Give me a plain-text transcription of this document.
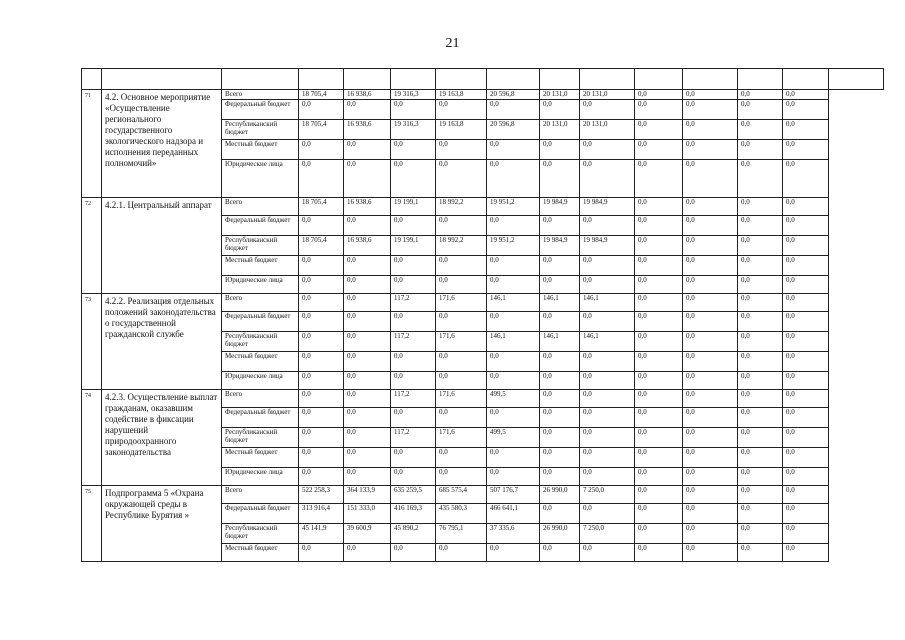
21

71	4.2. Основное мероприятие «Осуществление регионального государственного экологического надзора и исполнения переданных полномочий»	Всего	18 705,4	16 938,6	19 316,3	19 163,8	20 596,8	20 131,0	20 131,0	0,0	0,0	0,0	0,0	
		Федеральный бюджет	0,0	0,0	0,0	0,0	0,0	0,0	0,0	0,0	0,0	0,0	0,0	
		Республиканский бюджет	18 705,4	16 938,6	19 316,3	19 163,8	20 596,8	20 131,0	20 131,0	0,0	0,0	0,0	0,0	
		Местный бюджет	0,0	0,0	0,0	0,0	0,0	0,0	0,0	0,0	0,0	0,0	0,0	
		Юридические лица	0,0	0,0	0,0	0,0	0,0	0,0	0,0	0,0	0,0	0,0	0,0	
72	4.2.1. Центральный аппарат	Всего	18 705,4	16 938,6	19 199,1	18 992,2	19 951,2	19 984,9	19 984,9	0,0	0,0	0,0	0,0	
		Федеральный бюджет	0,0	0,0	0,0	0,0	0,0	0,0	0,0	0,0	0,0	0,0	0,0	
		Республиканский бюджет	18 705,4	16 938,6	19 199,1	18 992,2	19 951,2	19 984,9	19 984,9	0,0	0,0	0,0	0,0	
		Местный бюджет	0,0	0,0	0,0	0,0	0,0	0,0	0,0	0,0	0,0	0,0	0,0	
		Юридические лица	0,0	0,0	0,0	0,0	0,0	0,0	0,0	0,0	0,0	0,0	0,0	
73	4.2.2. Реализация отдельных положений законодательства о государственной гражданской службе	Всего	0,0	0,0	117,2	171,6	146,1	146,1	146,1	0,0	0,0	0,0	0,0	
		Федеральный бюджет	0,0	0,0	0,0	0,0	0,0	0,0	0,0	0,0	0,0	0,0	0,0	
		Республиканский бюджет	0,0	0,0	117,2	171,6	146,1	146,1	146,1	0,0	0,0	0,0	0,0	
		Местный бюджет	0,0	0,0	0,0	0,0	0,0	0,0	0,0	0,0	0,0	0,0	0,0	
		Юридические лица	0,0	0,0	0,0	0,0	0,0	0,0	0,0	0,0	0,0	0,0	0,0	
74	4.2.3. Осуществление выплат гражданам, оказавшим содействие в фиксации нарушений природоохранного законодательства	Всего	0,0	0,0	117,2	171,6	499,5	0,0	0,0	0,0	0,0	0,0	0,0	
		Федеральный бюджет	0,0	0,0	0,0	0,0	0,0	0,0	0,0	0,0	0,0	0,0	0,0	
		Республиканский бюджет	0,0	0,0	117,2	171,6	499,5	0,0	0,0	0,0	0,0	0,0	0,0	
		Местный бюджет	0,0	0,0	0,0	0,0	0,0	0,0	0,0	0,0	0,0	0,0	0,0	
		Юридические лица	0,0	0,0	0,0	0,0	0,0	0,0	0,0	0,0	0,0	0,0	0,0	
75	Подпрограмма 5 «Охрана окружающей среды в Республике Бурятия »	Всего	522 258,3	364 133,9	635 259,5	685 575,4	507 176,7	26 990,0	7 250,0	0,0	0,0	0,0	0,0	
		Федеральный бюджет	313 916,4	151 333,0	416 169,3	435 580,3	466 641,1	0,0	0,0	0,0	0,0	0,0	0,0	
		Республиканский бюджет	45 141,9	39 600,9	45 890,2	76 795,1	37 335,6	26 990,0	7 250,0	0,0	0,0	0,0	0,0	
		Местный бюджет	0,0	0,0	0,0	0,0	0,0	0,0	0,0	0,0	0,0	0,0	0,0	
